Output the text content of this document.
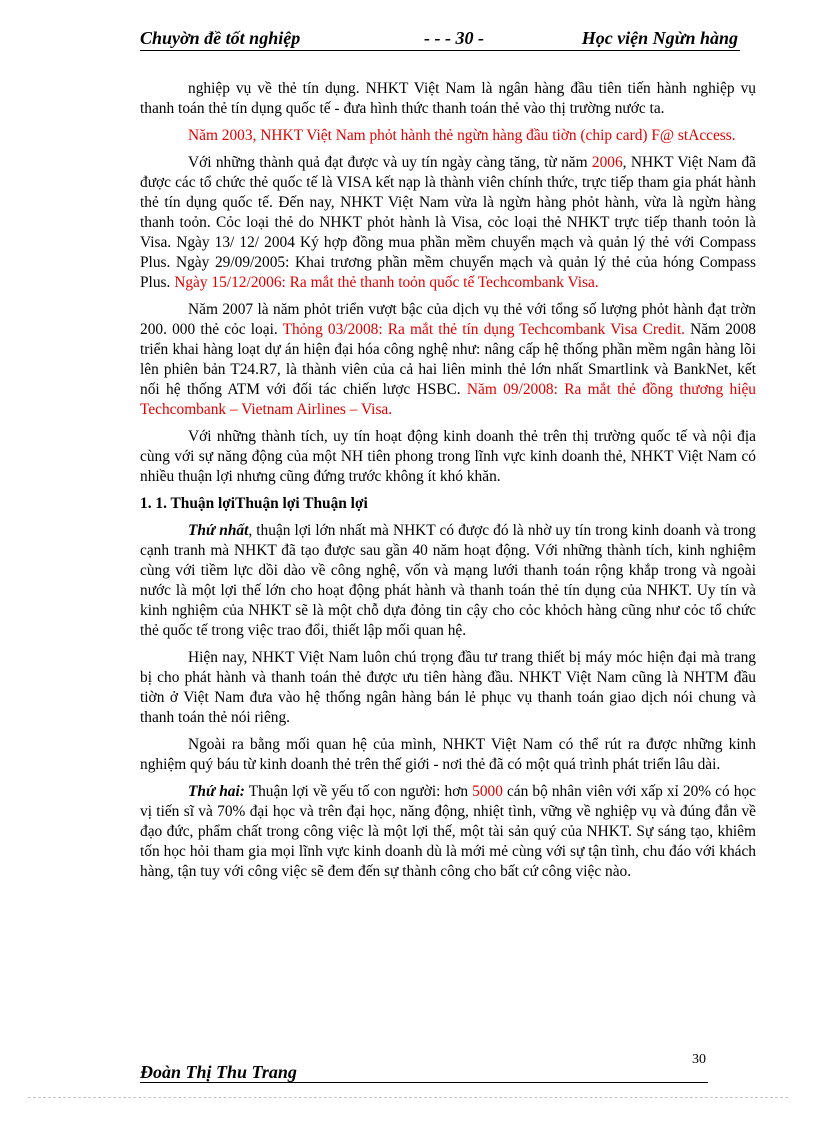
Chuyờn đề tốt nghiệp	- - - 30 -	Học viện Ngừn hàng

nghiệp vụ về thẻ tín dụng. NHKT Việt Nam là ngân hàng đầu tiên tiến hành nghiệp vụ thanh toán thẻ tín dụng quốc tế - đưa hình thức thanh toán thẻ vào thị trường nước ta.

Năm 2003, NHKT Việt Nam phỏt hành thẻ ngừn hàng đầu tiờn (chip card) F@ stAccess.

Với những thành quả đạt được và uy tín ngày càng tăng, từ năm 2006, NHKT Việt Nam đã được các tổ chức thẻ quốc tế là VISA kết nạp là thành viên chính thức, trực tiếp tham gia phát hành thẻ tín dụng quốc tế. Đến nay, NHKT Việt Nam vừa là ngừn hàng phỏt hành, vừa là ngừn hàng thanh toỏn. Cỏc loại thẻ do NHKT phỏt hành là Visa, cỏc loại thẻ NHKT trực tiếp thanh toỏn là Visa. Ngày 13/ 12/ 2004 Ký hợp đồng mua phần mềm chuyển mạch và quản lý thẻ với Compass Plus. Ngày 29/09/2005: Khai trương phần mềm chuyển mạch và quản lý thẻ của hóng Compass Plus. Ngày 15/12/2006: Ra mắt thẻ thanh toỏn quốc tế Techcombank Visa.

Năm 2007 là năm phỏt triển vượt bậc của dịch vụ thẻ với tổng số lượng phỏt hành đạt trờn 200. 000 thẻ cỏc loại. Thỏng 03/2008: Ra mắt thẻ tín dụng Techcombank Visa Credit. Năm 2008 triển khai hàng loạt dự án hiện đại hóa công nghệ như: nâng cấp hệ thống phần mềm ngân hàng lõi lên phiên bản T24.R7, là thành viên của cả hai liên minh thẻ lớn nhất Smartlink và BankNet, kết nối hệ thống ATM với đối tác chiến lược HSBC. Năm 09/2008: Ra mắt thẻ đồng thương hiệu Techcombank – Vietnam Airlines – Visa.

Với những thành tích, uy tín hoạt động kinh doanh thẻ trên thị trường quốc tế và nội địa cùng với sự năng động của một NH tiên phong trong lĩnh vực kinh doanh thẻ, NHKT Việt Nam có nhiều thuận lợi nhưng cũng đứng trước không ít khó khăn.

1. 1. Thuận lợiThuận lợi Thuận lợi

Thứ nhất, thuận lợi lớn nhất mà NHKT có được đó là nhờ uy tín trong kinh doanh và trong cạnh tranh mà NHKT đã tạo được sau gần 40 năm hoạt động. Với những thành tích, kinh nghiệm cùng với tiềm lực dồi dào về công nghệ, vốn và mạng lưới thanh toán rộng khắp trong và ngoài nước là một lợi thế lớn cho hoạt động phát hành và thanh toán thẻ tín dụng của NHKT. Uy tín và kinh nghiệm của NHKT sẽ là một chỗ dựa đỏng tin cậy cho cỏc khỏch hàng cũng như cỏc tổ chức thẻ quốc tế trong việc trao đổi, thiết lập mối quan hệ.

Hiện nay, NHKT Việt Nam luôn chú trọng đầu tư trang thiết bị máy móc hiện đại mà trang bị cho phát hành và thanh toán thẻ được ưu tiên hàng đầu. NHKT Việt Nam cũng là NHTM đầu tiờn ở Việt Nam đưa vào hệ thống ngân hàng bán lẻ phục vụ thanh toán giao dịch nói chung và thanh toán thẻ nói riêng.

Ngoài ra bằng mối quan hệ của mình, NHKT Việt Nam có thể rút ra được những kinh nghiệm quý báu từ kinh doanh thẻ trên thế giới - nơi thẻ đã có một quá trình phát triển lâu dài.

Thứ hai: Thuận lợi về yếu tố con người: hơn 5000 cán bộ nhân viên với xấp xỉ 20% có học vị tiến sĩ và 70% đại học và trên đại học, năng động, nhiệt tình, vững về nghiệp vụ và đúng đắn về đạo đức, phẩm chất trong công việc là một lợi thế, một tài sản quý của NHKT. Sự sáng tạo, khiêm tốn học hỏi tham gia mọi lĩnh vực kinh doanh dù là mới mẻ cùng với sự tận tình, chu đáo với khách hàng, tận tuy với công việc sẽ đem đến sự thành công cho bất cứ công việc nào.

30
Đoàn Thị Thu Trang
